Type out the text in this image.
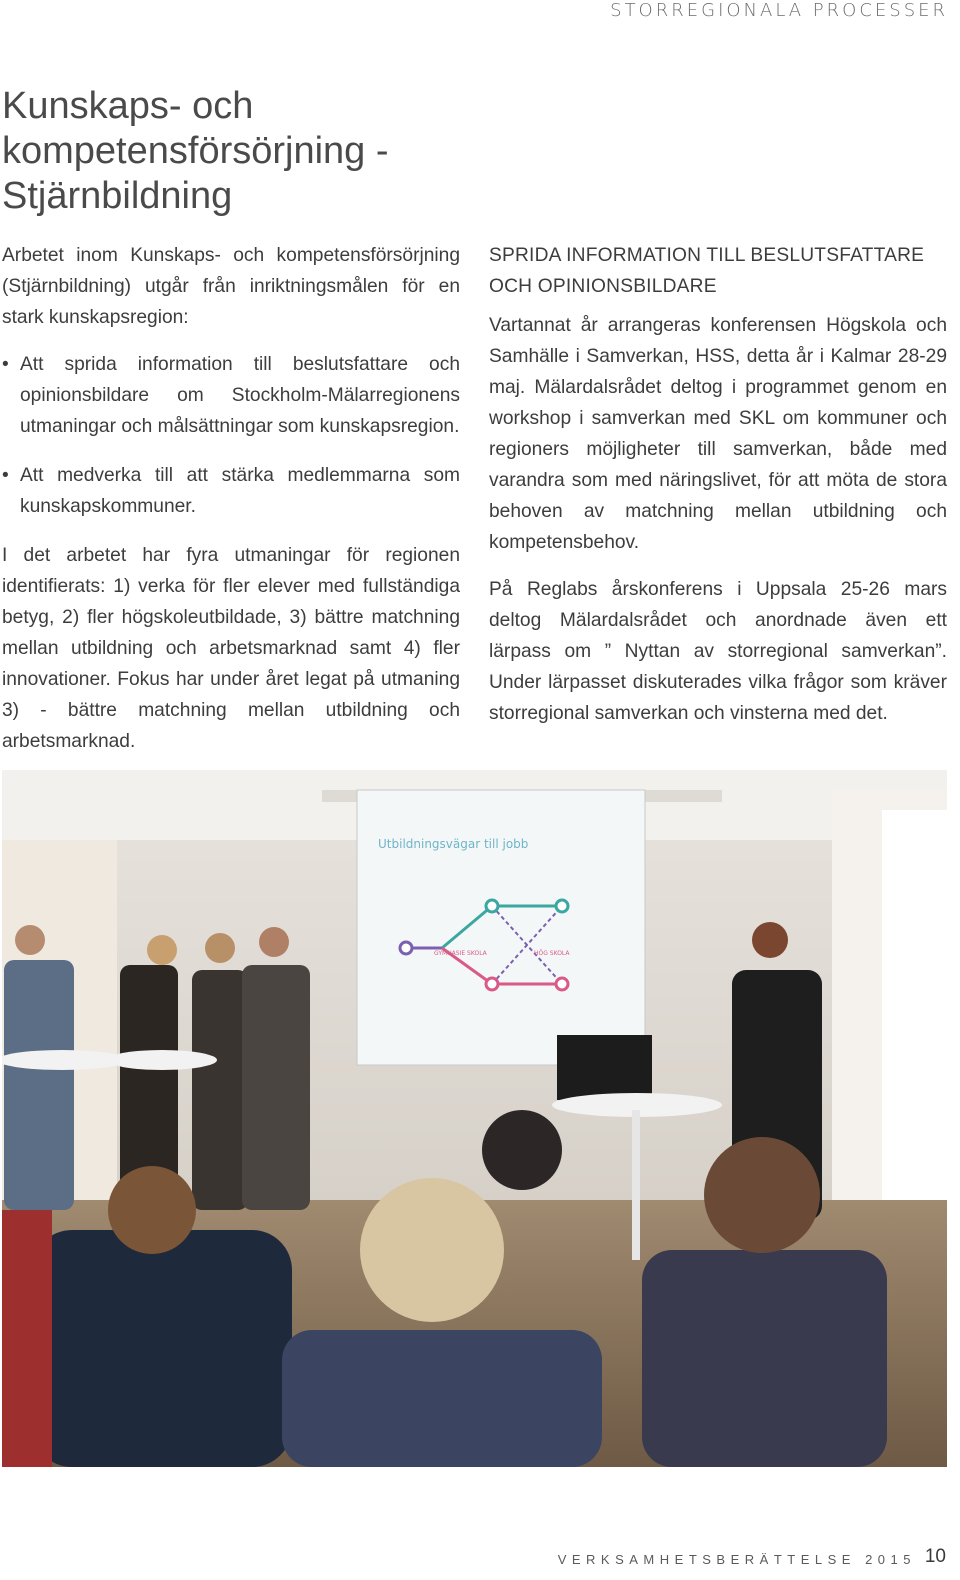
STORREGIONALA PROCESSER
Kunskaps- och
kompetensförsörjning -
Stjärnbildning

Arbetet inom Kunskaps- och kompetensförsörjning (Stjärnbildning) utgår från inriktningsmålen för en stark kunskapsregion:

• Att sprida information till beslutsfattare och opinionsbildare om Stockholm-Mälarregionens utmaningar och målsättningar som kunskapsregion.
• Att medverka till att stärka medlemmarna som kunskapskommuner.

I det arbetet har fyra utmaningar för regionen identifierats: 1) verka för fler elever med fullständiga betyg, 2) fler högskoleutbildade, 3) bättre matchning mellan utbildning och arbetsmarknad samt 4) fler innovationer. Fokus har under året legat på utmaning 3) - bättre matchning mellan utbildning och arbetsmarknad.

SPRIDA INFORMATION TILL BESLUTSFATTARE
OCH OPINIONSBILDARE

Vartannat år arrangeras konferensen Högskola och Samhälle i Samverkan, HSS, detta år i Kalmar 28-29 maj. Mälardalsrådet deltog i programmet genom en workshop i samverkan med SKL om kommuner och regioners möjligheter till samverkan, både med varandra som med näringslivet, för att möta de stora behoven av matchning mellan utbildning och kompetensbehov.

På Reglabs årskonferens i Uppsala 25-26 mars deltog Mälardalsrådet och anordnade även ett lärpass om ” Nyttan av storregional samverkan”. Under lärpasset diskuterades vilka frågor som kräver storregional samverkan och vinsterna med det.

Utbildningsvägar till jobb
GYMNASIE SKOLA	HÖG SKOLA
VERKSAMHETSBERÄTTELSE 2015 10
